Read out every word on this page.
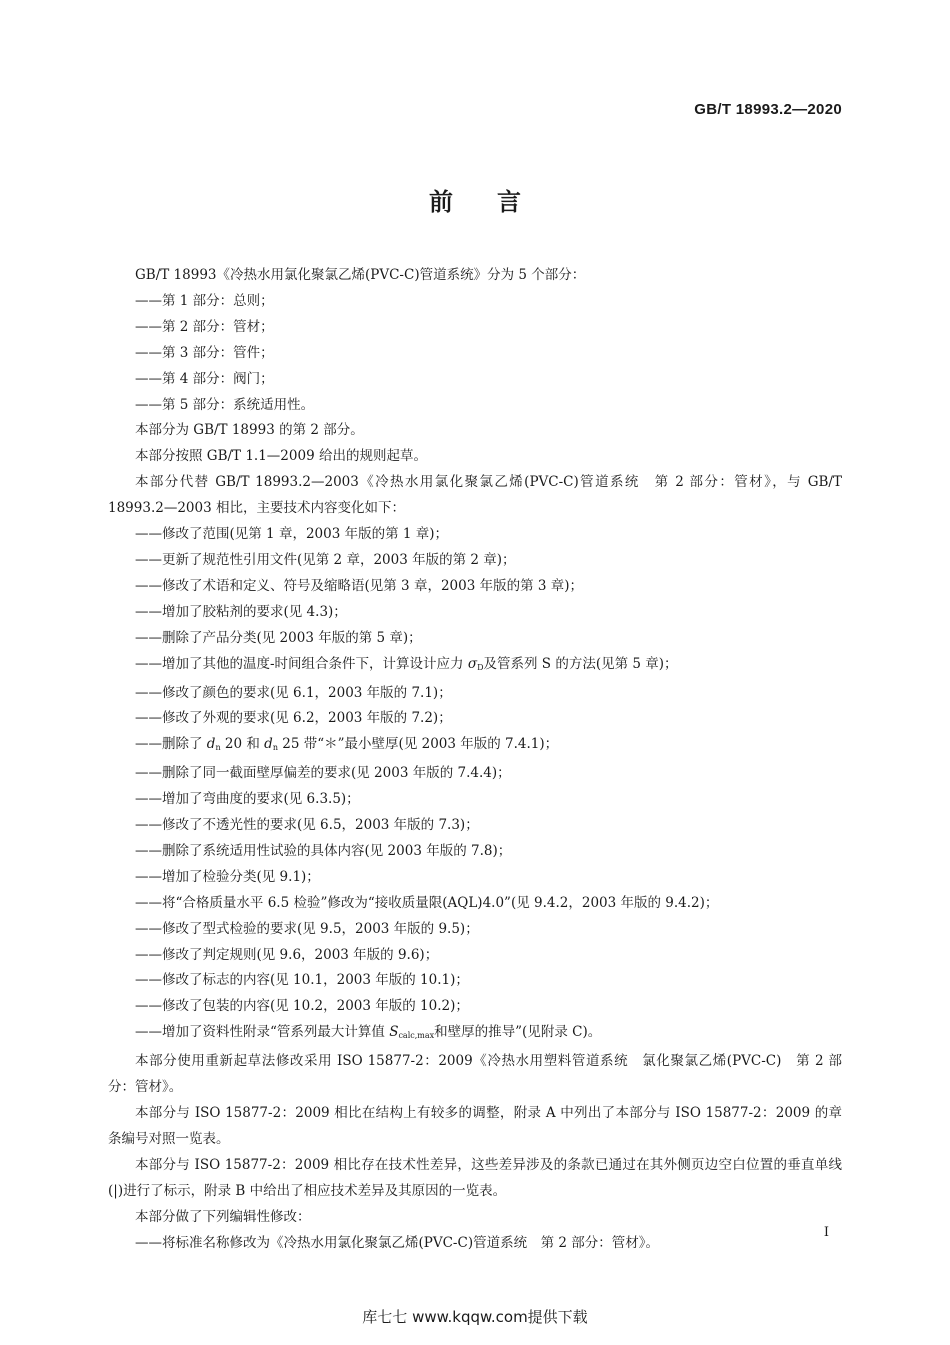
GB/T 18993.2—2020
前言

GB/T 18993《冷热水用氯化聚氯乙烯(PVC-C)管道系统》分为 5 个部分：

——第 1 部分：总则；

——第 2 部分：管材；

——第 3 部分：管件；

——第 4 部分：阀门；

——第 5 部分：系统适用性。

本部分为 GB/T 18993 的第 2 部分。

本部分按照 GB/T 1.1—2009 给出的规则起草。

本部分代替 GB/T 18993.2—2003《冷热水用氯化聚氯乙烯(PVC-C)管道系统　第 2 部分：管材》，与 GB/T 18993.2—2003 相比，主要技术内容变化如下：

——修改了范围(见第 1 章，2003 年版的第 1 章)；

——更新了规范性引用文件(见第 2 章，2003 年版的第 2 章)；

——修改了术语和定义、符号及缩略语(见第 3 章，2003 年版的第 3 章)；

——增加了胶粘剂的要求(见 4.3)；

——删除了产品分类(见 2003 年版的第 5 章)；

——增加了其他的温度-时间组合条件下，计算设计应力 $\sigma_D$及管系列 S 的方法(见第 5 章)；

——修改了颜色的要求(见 6.1，2003 年版的 7.1)；

——修改了外观的要求(见 6.2，2003 年版的 7.2)；

——删除了 $d_n$ 20 和 $d_n$ 25 带“＊”最小壁厚(见 2003 年版的 7.4.1)；

——删除了同一截面壁厚偏差的要求(见 2003 年版的 7.4.4)；

——增加了弯曲度的要求(见 6.3.5)；

——修改了不透光性的要求(见 6.5，2003 年版的 7.3)；

——删除了系统适用性试验的具体内容(见 2003 年版的 7.8)；

——增加了检验分类(见 9.1)；

——将“合格质量水平 6.5 检验”修改为“接收质量限(AQL)4.0”(见 9.4.2，2003 年版的 9.4.2)；

——修改了型式检验的要求(见 9.5，2003 年版的 9.5)；

——修改了判定规则(见 9.6，2003 年版的 9.6)；

——修改了标志的内容(见 10.1，2003 年版的 10.1)；

——修改了包装的内容(见 10.2，2003 年版的 10.2)；

——增加了资料性附录“管系列最大计算值 $S_{calc,max}$和壁厚的推导”(见附录 C)。

本部分使用重新起草法修改采用 ISO 15877-2：2009《冷热水用塑料管道系统　氯化聚氯乙烯(PVC-C)　第 2 部分：管材》。

本部分与 ISO 15877-2：2009 相比在结构上有较多的调整，附录 A 中列出了本部分与 ISO 15877-2：2009 的章条编号对照一览表。

本部分与 ISO 15877-2：2009 相比存在技术性差异，这些差异涉及的条款已通过在其外侧页边空白位置的垂直单线(|)进行了标示，附录 B 中给出了相应技术差异及其原因的一览表。

本部分做了下列编辑性修改：

——将标准名称修改为《冷热水用氯化聚氯乙烯(PVC-C)管道系统　第 2 部分：管材》。

I
库七七 www.kqqw.com提供下载
